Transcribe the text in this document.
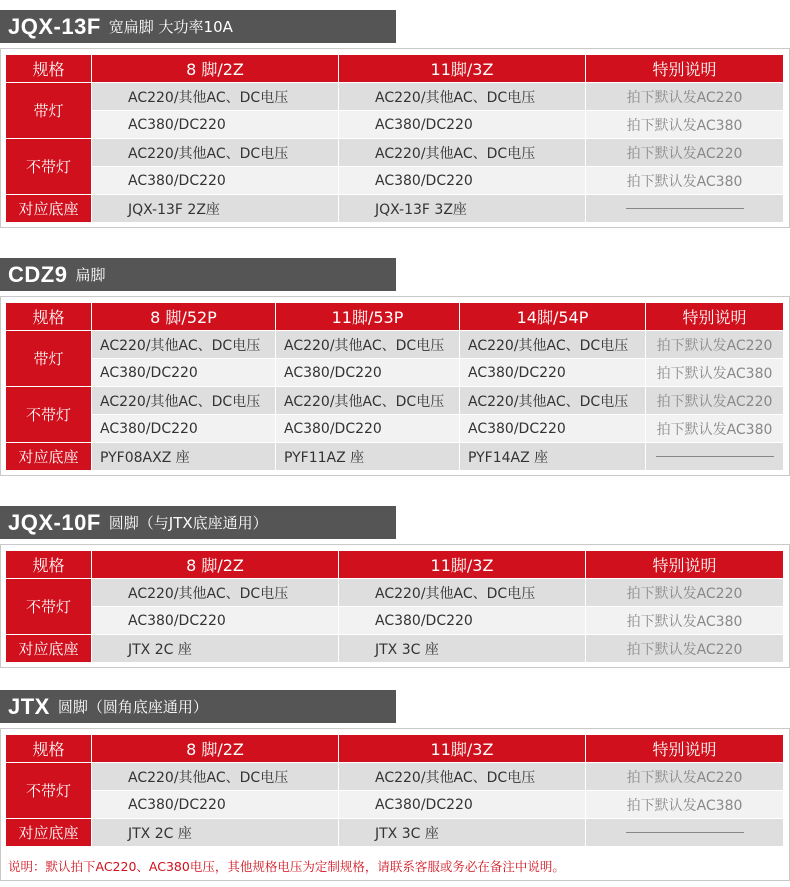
JQX-13F 宽扁脚 大功率10A
规格	8 脚/2Z	11脚/3Z	特别说明
带灯	AC220/其他AC、DC电压	AC220/其他AC、DC电压	拍下默认发AC220
	AC380/DC220	AC380/DC220	拍下默认发AC380
不带灯	AC220/其他AC、DC电压	AC220/其他AC、DC电压	拍下默认发AC220
	AC380/DC220	AC380/DC220	拍下默认发AC380
对应底座	JQX-13F 2Z座	JQX-13F 3Z座	
CDZ9 扁脚
规格	8 脚/52P	11脚/53P	14脚/54P	特别说明
带灯	AC220/其他AC、DC电压	AC220/其他AC、DC电压	AC220/其他AC、DC电压	拍下默认发AC220
	AC380/DC220	AC380/DC220	AC380/DC220	拍下默认发AC380
不带灯	AC220/其他AC、DC电压	AC220/其他AC、DC电压	AC220/其他AC、DC电压	拍下默认发AC220
	AC380/DC220	AC380/DC220	AC380/DC220	拍下默认发AC380
对应底座	PYF08AXZ 座	PYF11AZ 座	PYF14AZ 座	
JQX-10F 圆脚（与JTX底座通用）
规格	8 脚/2Z	11脚/3Z	特别说明
不带灯	AC220/其他AC、DC电压	AC220/其他AC、DC电压	拍下默认发AC220
	AC380/DC220	AC380/DC220	拍下默认发AC380
对应底座	JTX 2C 座	JTX 3C 座	拍下默认发AC220
JTX 圆脚（圆角底座通用）
规格	8 脚/2Z	11脚/3Z	特别说明
不带灯	AC220/其他AC、DC电压	AC220/其他AC、DC电压	拍下默认发AC220
	AC380/DC220	AC380/DC220	拍下默认发AC380
对应底座	JTX 2C 座	JTX 3C 座	
说明：默认拍下AC220、AC380电压，其他规格电压为定制规格，请联系客服或务必在备注中说明。
